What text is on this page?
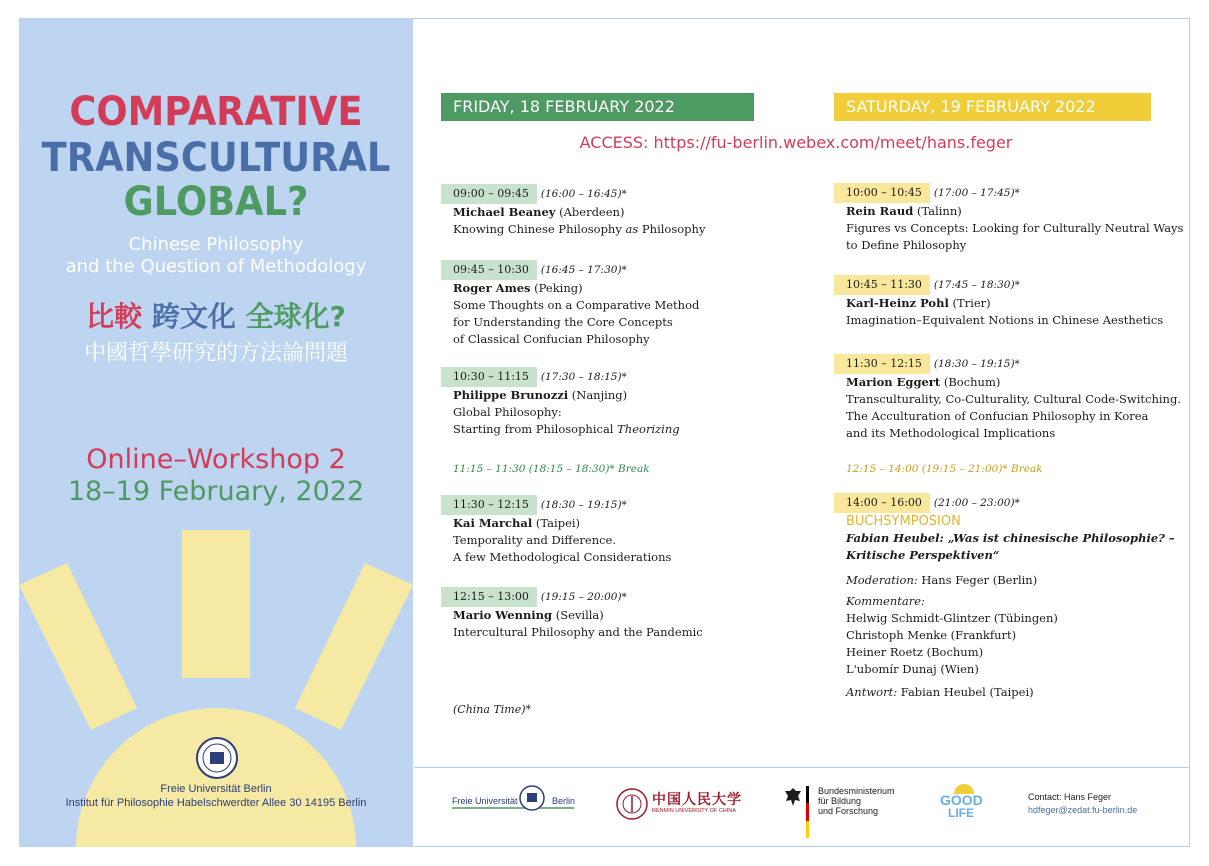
COMPARATIVE
TRANSCULTURAL
GLOBAL?
Chinese Philosophy
and the Question of Methodology
比較 跨文化 全球化?
中國哲學研究的方法論問題
Online–Workshop 2
18–19 February, 2022
Freie Universität Berlin
Institut für Philosophie Habelschwerdter Allee 30 14195 Berlin
FRIDAY, 18 FEBRUARY 2022	SATURDAY, 19 FEBRUARY 2022
ACCESS: https://fu-berlin.webex.com/meet/hans.feger
09:00 – 09:45 (16:00 – 16:45)*
Michael Beaney (Aberdeen)
Knowing Chinese Philosophy as Philosophy
09:45 – 10:30 (16:45 – 17:30)*
Roger Ames (Peking)
Some Thoughts on a Comparative Method
for Understanding the Core Concepts
of Classical Confucian Philosophy
10:30 – 11:15 (17:30 – 18:15)*
Philippe Brunozzi (Nanjing)
Global Philosophy:
Starting from Philosophical Theorizing
11:15 – 11:30 (18:15 – 18:30)* Break
11:30 – 12:15 (18:30 – 19:15)*
Kai Marchal (Taipei)
Temporality and Difference.
A few Methodological Considerations
12:15 – 13:00 (19:15 – 20:00)*
Mario Wenning (Sevilla)
Intercultural Philosophy and the Pandemic
(China Time)*
10:00 – 10:45 (17:00 – 17:45)*
Rein Raud (Talinn)
Figures vs Concepts: Looking for Culturally Neutral Ways
to Define Philosophy
10:45 – 11:30 (17:45 – 18:30)*
Karl-Heinz Pohl (Trier)
Imagination–Equivalent Notions in Chinese Aesthetics
11:30 – 12:15 (18:30 – 19:15)*
Marion Eggert (Bochum)
Transculturality, Co-Culturality, Cultural Code-Switching.
The Acculturation of Confucian Philosophy in Korea
and its Methodological Implications
12:15 – 14:00 (19:15 – 21:00)* Break
14:00 – 16:00 (21:00 – 23:00)*
BUCHSYMPOSION
Fabian Heubel: „Was ist chinesische Philosophie? –
Kritische Perspektiven“

Moderation: Hans Feger (Berlin)

Kommentare:
Helwig Schmidt-Glintzer (Tübingen)
Christoph Menke (Frankfurt)
Heiner Roetz (Bochum)
L'ubomír Dunaj (Wien)

Antwort: Fabian Heubel (Taipei)
Freie Universität	Berlin	中国人民大学
RENMIN UNIVERSITY OF CHINA
Bundesministerium
für Bildung
und Forschung
GOOD
LIFE
Contact: Hans Feger
hdfeger@zedat.fu-berlin.de
